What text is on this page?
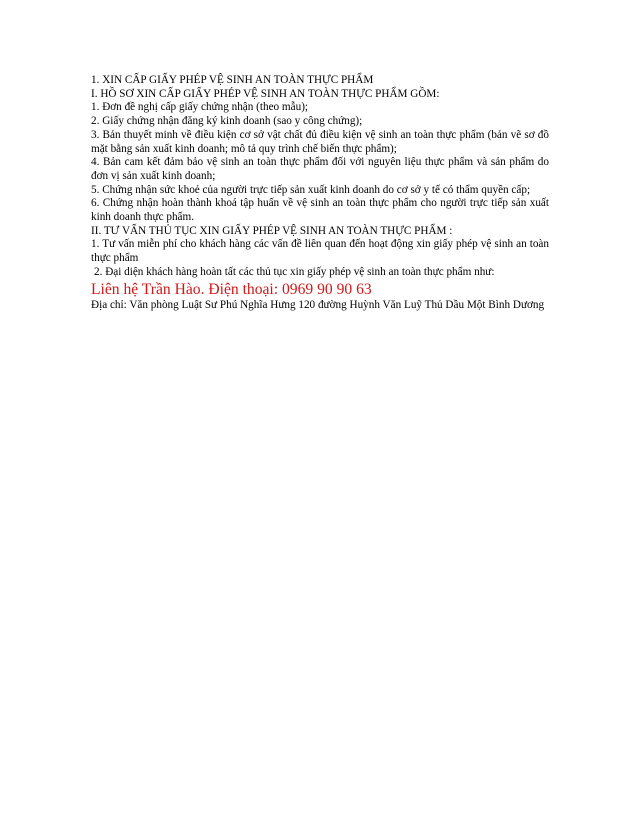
1. XIN CẤP GIẤY PHÉP VỆ SINH AN TOÀN THỰC PHẨM

I. HỒ SƠ XIN CẤP GIẤY PHÉP VỆ SINH AN TOÀN THỰC PHẨM GỒM:

1. Đơn đề nghị cấp giấy chứng nhận (theo mẫu);

2. Giấy chứng nhận đăng ký kinh doanh (sao y công chứng);

3. Bản thuyết minh về điều kiện cơ sở vật chất đủ điều kiện vệ sinh an toàn thực phẩm (bản vẽ sơ đồ mặt bằng sản xuất kinh doanh; mô tả quy trình chế biến thực phẩm);

4. Bản cam kết đảm bảo vệ sinh an toàn thực phẩm đối với nguyên liệu thực phẩm và sản phẩm do đơn vị sản xuất kinh doanh;

5. Chứng nhận sức khoẻ của người trực tiếp sản xuất kinh doanh do cơ sở y tế có thẩm quyền cấp;

6. Chứng nhận hoàn thành khoá tập huấn về vệ sinh an toàn thực phẩm cho người trực tiếp sản xuất kinh doanh thực phẩm.

II. TƯ VẤN THỦ TỤC XIN GIẤY PHÉP VỆ SINH AN TOÀN THỰC PHẨM :

1. Tư vấn miễn phí cho khách hàng các vấn đề liên quan đến hoạt động xin giấy phép vệ sinh an toàn thực phẩm

2. Đại diện khách hàng hoàn tất các thủ tục xin giấy phép vệ sinh an toàn thực phẩm như:

Liên hệ Trần Hào. Điện thoại: 0969 90 90 63

Địa chỉ: Văn phòng Luật Sư Phú Nghĩa Hưng 120 đường Huỳnh Văn Luỹ Thủ Dầu Một Bình Dương
